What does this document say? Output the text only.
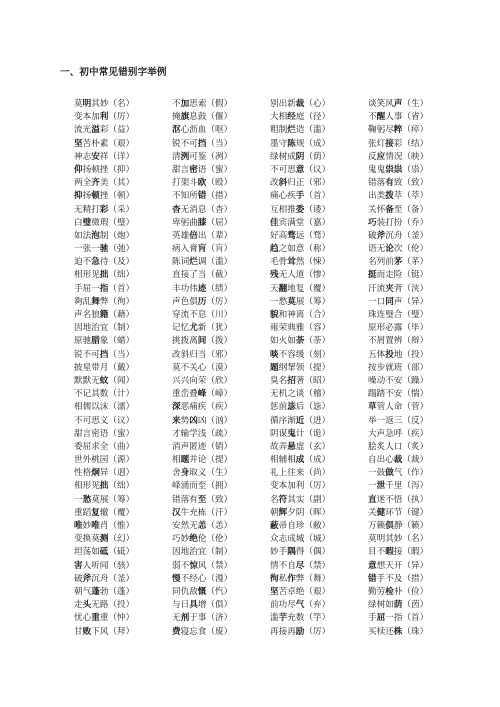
一、初中常见错别字举例
莫明其妙（名）	不加思索（假）	别出新裁（心）	谈笑风声（生）
变本加利（厉）	掩旗息鼓（偃）	大相经庭（径）	不醒人事（省）
流光溢彩（益）	沤心沥血（呕）	粗制烂造（滥）	鞠躬尽粹（瘁）
坚苦朴素（艰）	锐不可挡（当）	墨守陈规（成）	张灯接彩（结）
神志安祥（详）	清洌可鉴（冽）	绿树成阴（荫）	反应情况（映）
仰扬顿挫（抑）	甜言密语（蜜）	不可思意（议）	鬼鬼祟祟（祟）
两全齐美（其）	打架斗欧（殴）	改斜归正（邪）	错落有致（致）
抑扬顿挫（顿）	不知所错（措）	痛心疾手（首）	出类拨萃（萃）
无精打彩（采）	杳无消息（杳）	互相推委（诿）	关怀备至（备）
白璧微瑕（璧）	卑躬曲膝（屈）	佳宾满堂（嘉）	巧装打扮（乔）
如法泡制（炮）	英雄倍出（辈）	好高骛远（骛）	破斧沉舟（釜）
一张一驰（弛）	病入膏肓（肓）	趋之如意（称）	语无论次（伦）
迫不急待（及）	陈词烂调（滥）	毛骨耸然（悚）	名列前茅（茅）
相形见拙（绌）	直接了当（截）	残无人道（惨）	挺而走险（铤）
手屈一指（首）	丰功伟迹（绩）	天翻地复（覆）	汗流夹背（浃）
夠乱舞弊（徇）	声色俱历（厉）	一愁莫展（筹）	一口同声（异）
声名狼籍（藉）	穿流不息（川）	貌和神离（合）	珠连璧合（璧）
因地治宜（制）	记忆尤新（犹）	雍荣典雅（容）	原形必露（毕）
原驰腊象（蜡）	挑拨离间（拨）	如火如荼（荼）	不屑置辨（辩）
锐不可挡（当）	改斜归当（邪）	啖不容缓（刻）	五体投地（投）
披星带月（戴）	莫不关心（漠）	题纲挈领（提）	按步就班（部）
默默无蚊（闻）	兴兴向荣（欣）	臭名招著（昭）	噪动不安（躁）
不记其数（计）	重峦叠峰（嶂）	无机之谈（稽）	蹋踏不安（惴）
相儒以沫（濡）	深恶痛疾（疾）	惩前毖后（毖）	草管人命（菅）
不可思义（议）	来势凶凶（汹）	循序渐近（进）	举一返三（反）
甜言密语（蜜）	才输学浅（疏）	阴谋鬼计（诡）	大声急呼（疾）
委屈求全（曲）	消声匿迹（销）	故弄悬虚（玄）	脍炙人口（炙）
世外桃园（源）	相题并论（提）	相辅相成（成）	自出心裁（裁）
性格炯异（迥）	舍身取义（生）	礼上往来（尚）	一鼓做气（作）
相形见拙（绌）	峰涌而至（拥）	变本加利（厉）	一泄千里（泻）
一愁莫展（筹）	错落有至（致）	名符其实（副）	直迷不悟（执）
重蹈复辙（覆）	汉牛充栋（汗）	朝辉夕阴（晖）	关健环节（键）
唯妙唯肖（惟）	安然无恙（恙）	蔽帚自珍（敝）	万籁俱静（籁）
变换莫测（幻）	巧妙绝伦（伦）	众志成城（城）	莫明其妙（名）
坦荡如砥（砥）	因地治宜（制）	妙手隅得（偶）	目不暇接（暇）
害人听闻（骇）	弱不惊风（禁）	情不自尽（禁）	意想天开（异）
破斧沉舟（釜）	慢不经心（漫）	徇私作弊（舞）	错手不及（措）
朝气蓬勃（蓬）	同仇敌慨（忾）	坚苦卓绝（艰）	勤劳检朴（俭）
走头无路（投）	与日具增（俱）	前功尽气（弃）	绿树如荫（茵）
忧心重重（忡）	无剂于事（济）	滥芋充数（竽）	手屈一指（首）
甘败下风（拜）	费寝忘食（废）	再接再励（厉）	买椟还株（珠）
